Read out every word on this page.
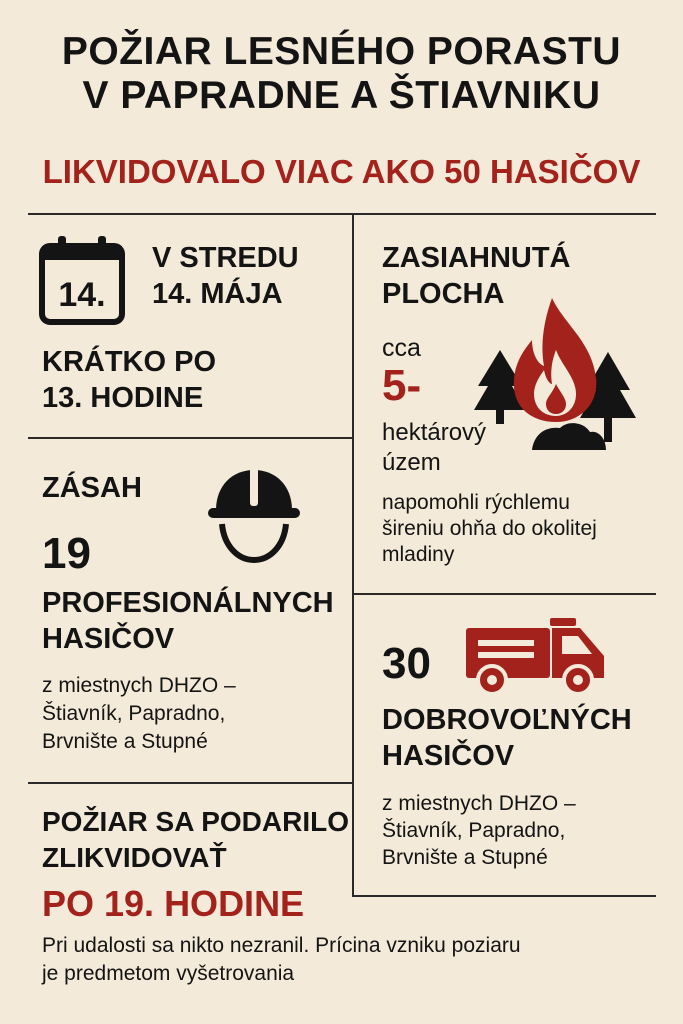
POŽIAR LESNÉHO PORASTU
V PAPRADNE A ŠTIAVNIKU
LIKVIDOVALO VIAC AKO 50 HASIČOV
14.
V STREDU
14. MÁJA
KRÁTKO PO
13. HODINE
ZASIAHNUTÁ
PLOCHA
cca
5-
hektárový
územ
napomohli rýchlemu
šireniu ohňa do okolitej
mladiny
ZÁSAH
19
PROFESIONÁLNYCH
HASIČOV
z miestnych DHZO –
Štiavník, Papradno,
Brvnište a Stupné
30
DOBROVOĽNÝCH
HASIČOV
z miestnych DHZO –
Štiavník, Papradno,
Brvnište a Stupné
POŽIAR SA PODARILO
ZLIKVIDOVAŤ
PO 19. HODINE
Pri udalosti sa nikto nezranil. Prícina vzniku poziaru
je predmetom vyšetrovania
